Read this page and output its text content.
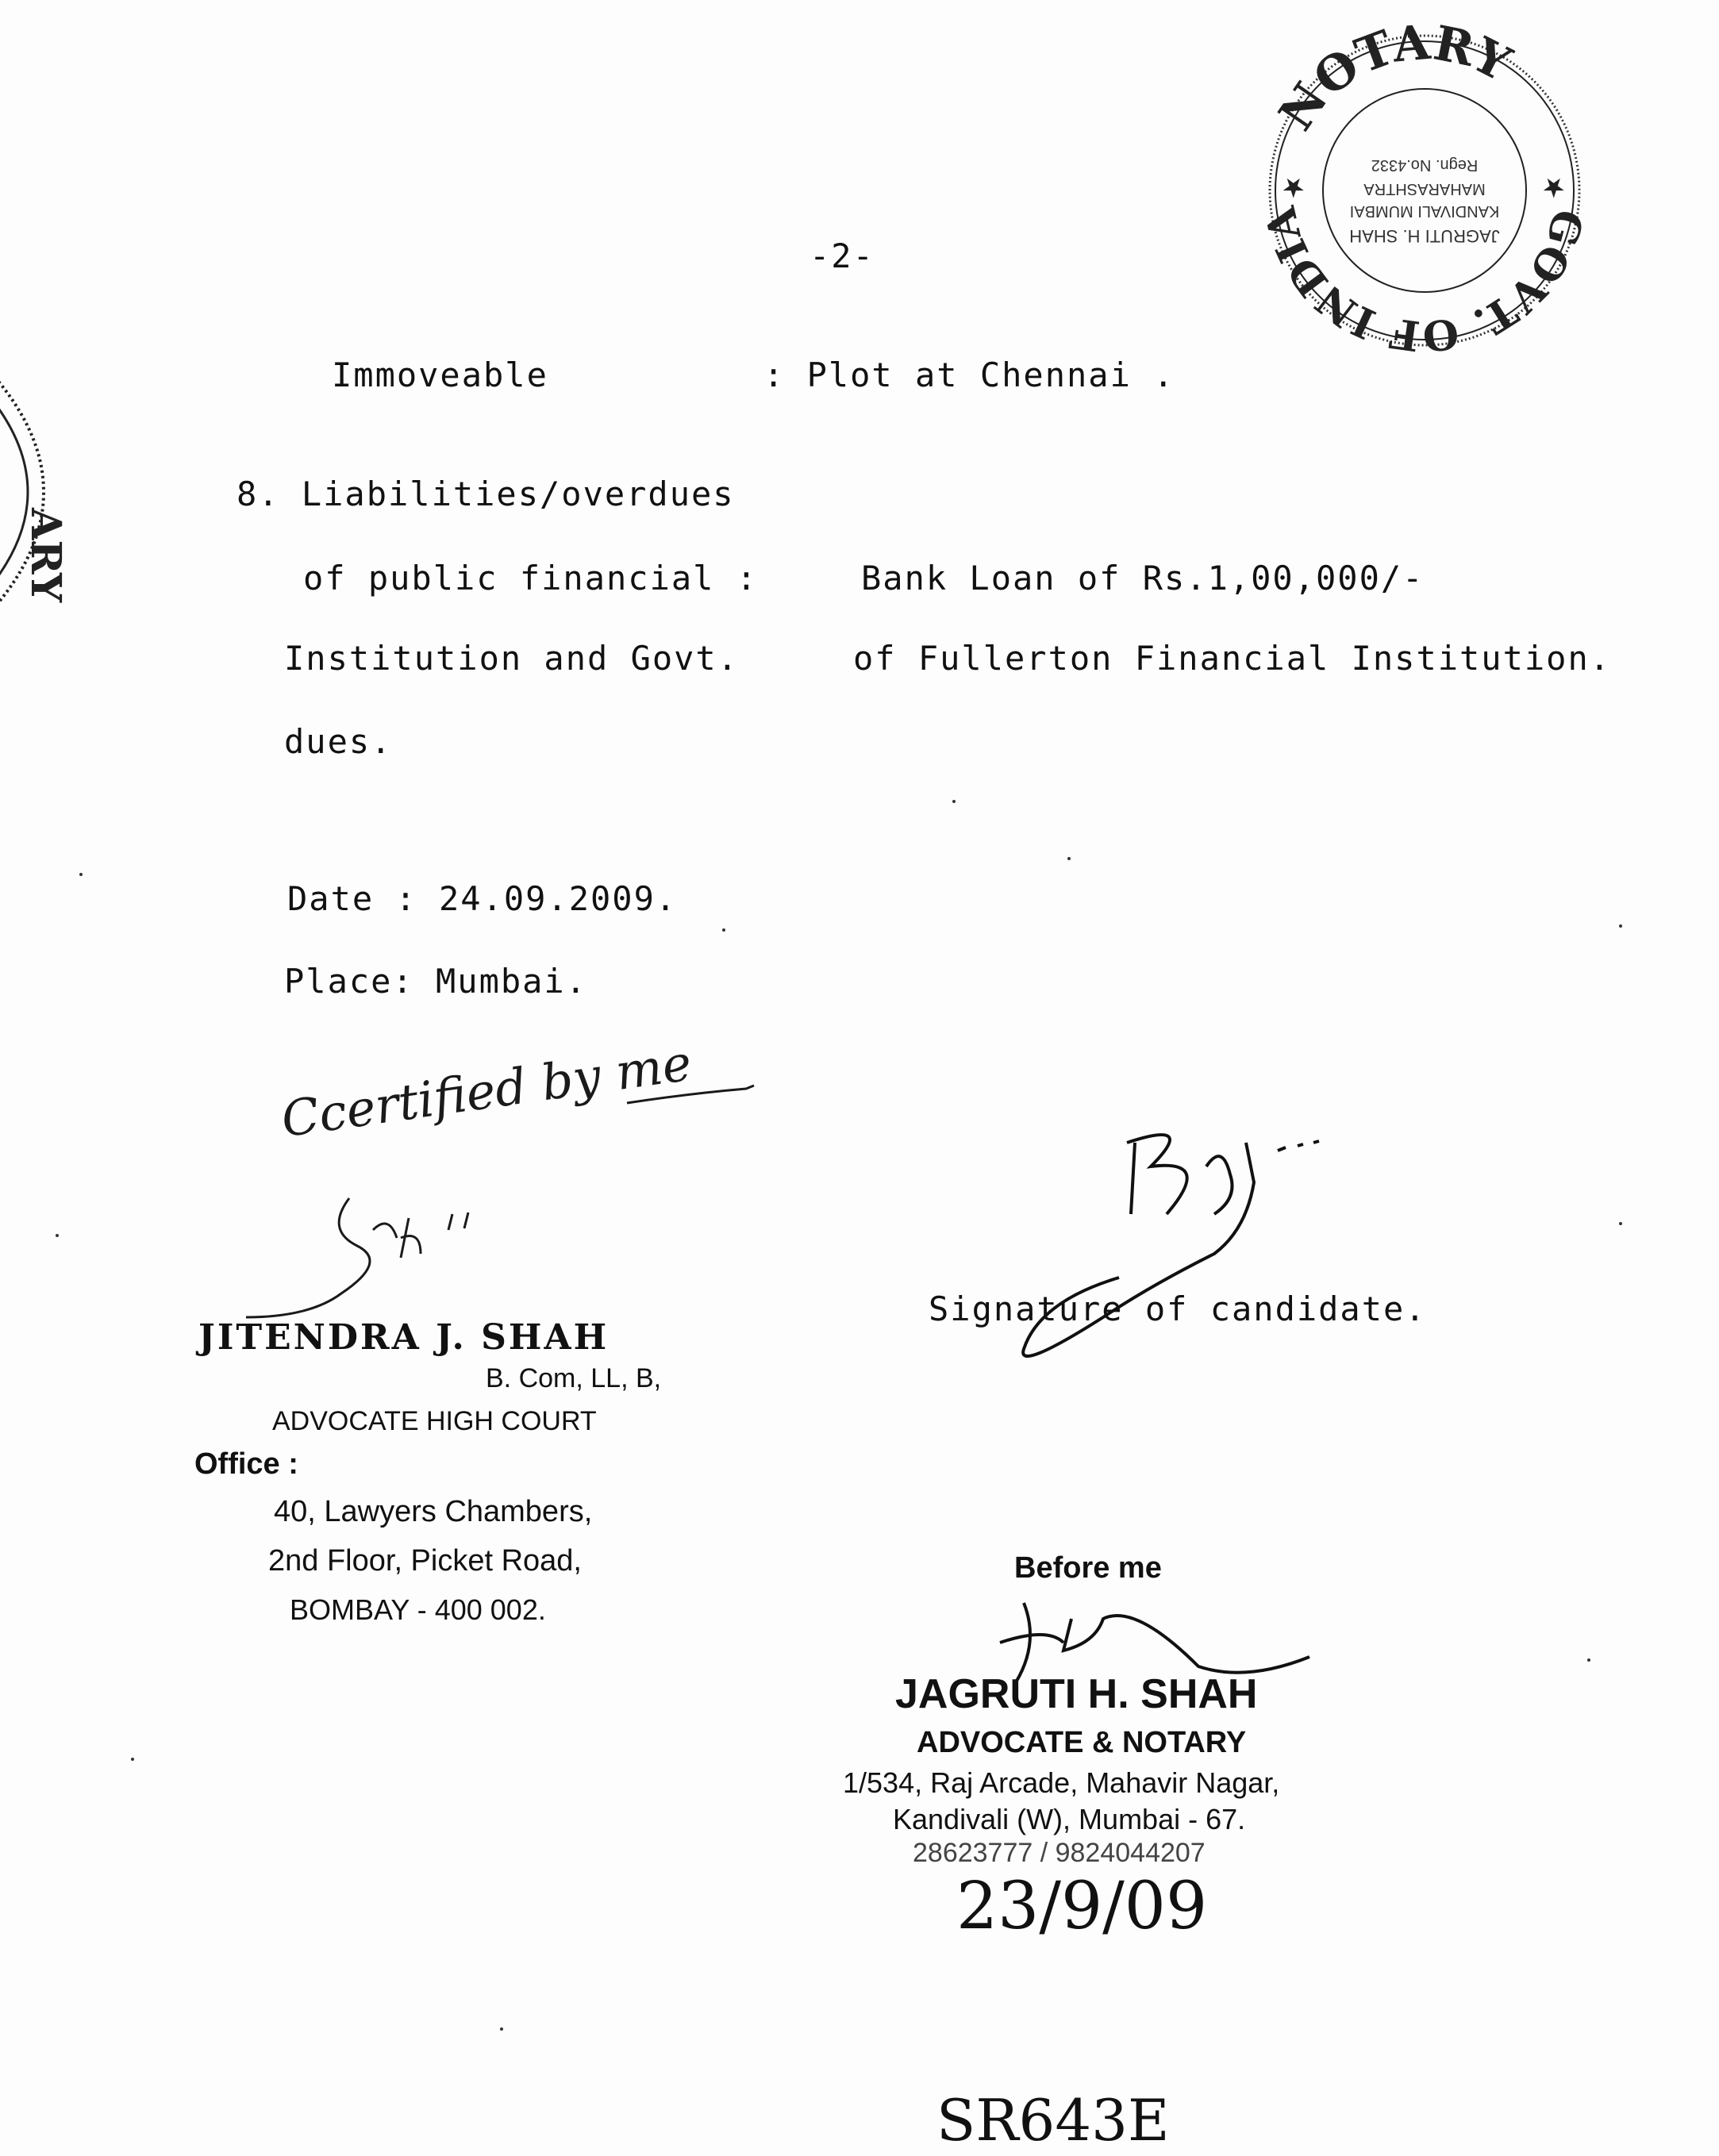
GOVT. OF INDIA
NOTARY
★
★
JAGRUTI H. SHAH
KANDIVALI MUMBAI
MAHARASHTRA
Regn. No.4332
ARY
-2-
Immoveable	: Plot at Chennai .
8. Liabilities/overdues
of public financial :
Institution and Govt.
dues.
Bank Loan of Rs.1,00,000/-
of Fullerton Financial Institution.
Date : 24.09.2009.
Place: Mumbai.
Ccertified by me
JITENDRA J. SHAH
B. Com, LL, B,
ADVOCATE HIGH COURT
Office :
40, Lawyers Chambers,
2nd Floor, Picket Road,
BOMBAY - 400 002.
Signature of candidate.
Before me
JAGRUTI H. SHAH
ADVOCATE & NOTARY
1/534, Raj Arcade, Mahavir Nagar,
Kandivali (W), Mumbai - 67.
28623777 / 9824044207
23/9/09
SR643E
